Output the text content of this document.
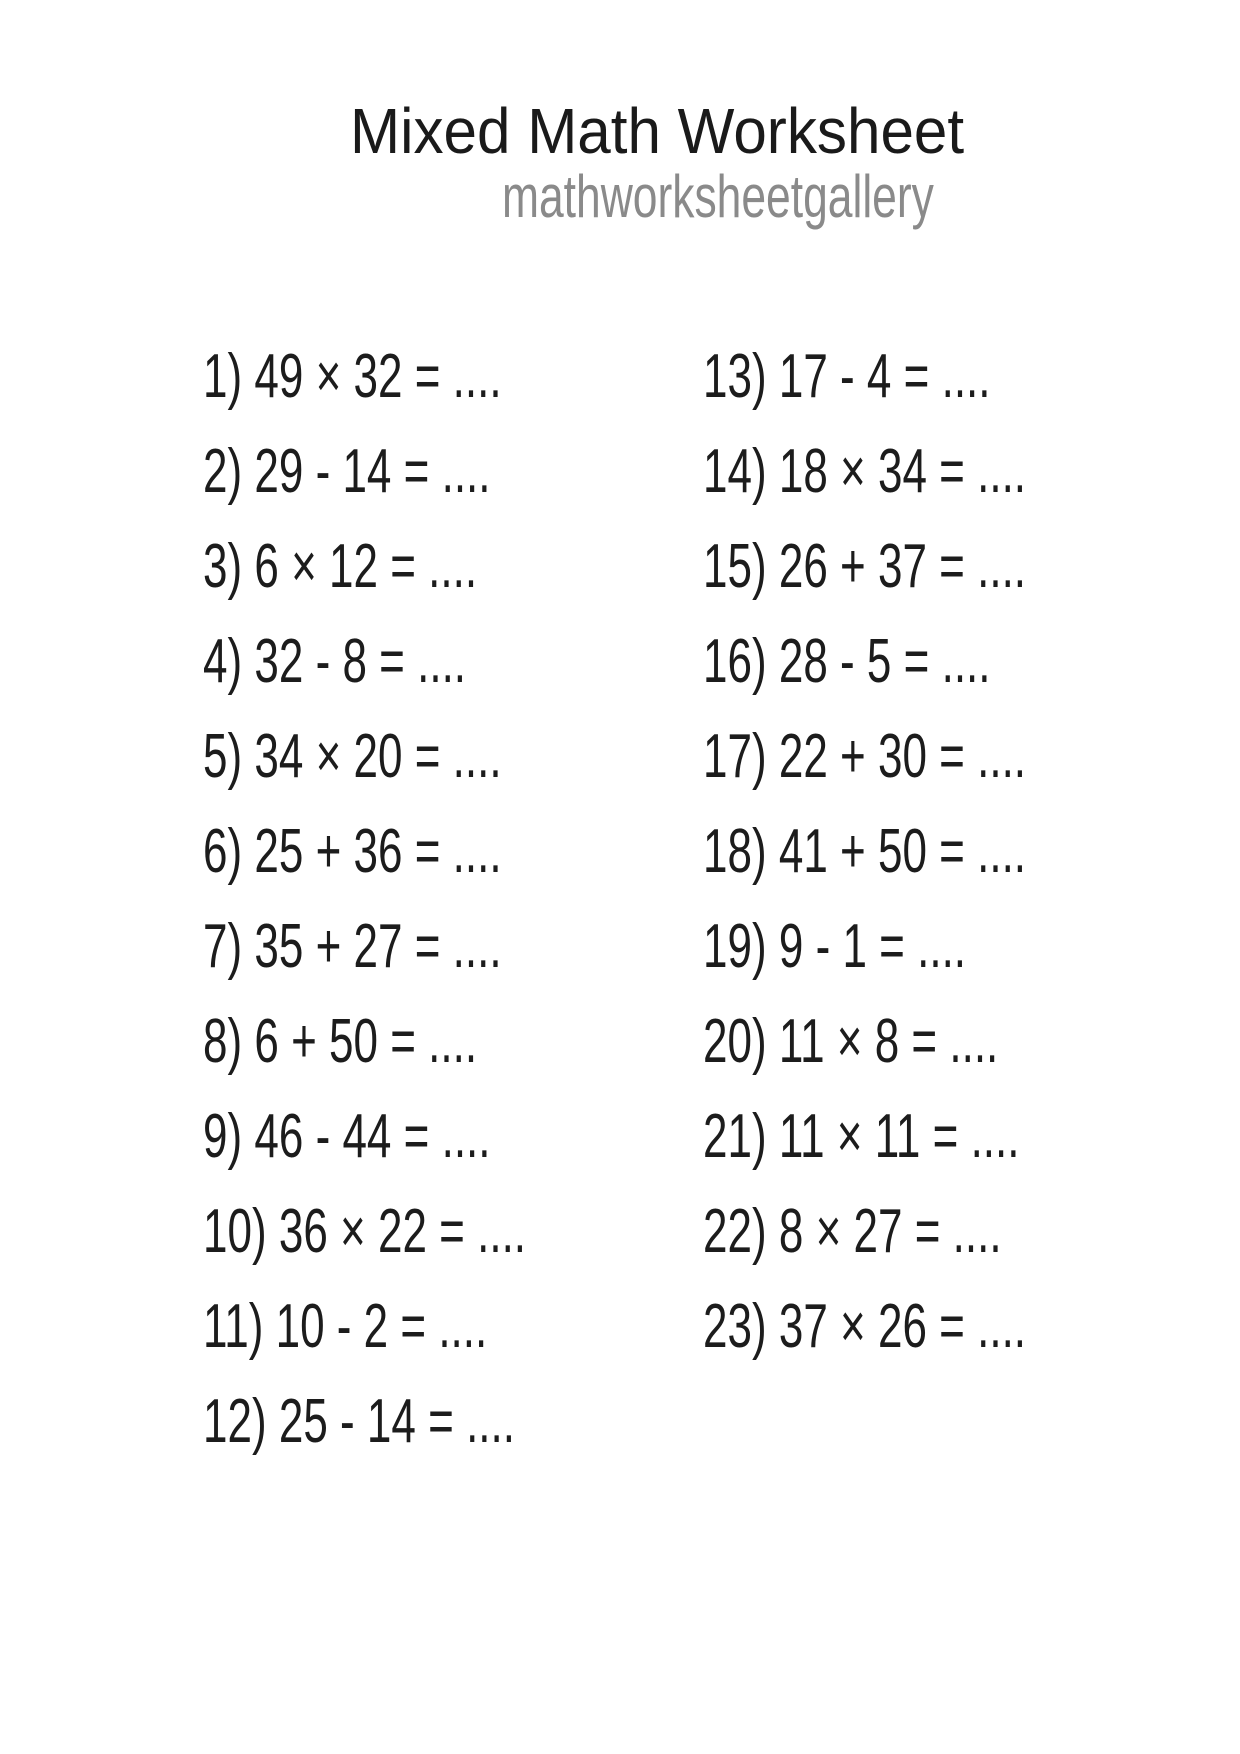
Mixed Math Worksheet
mathworksheetgallery
1) 49 × 32 = ....
2) 29 - 14 = ....
3) 6 × 12 = ....
4) 32 - 8 = ....
5) 34 × 20 = ....
6) 25 + 36 = ....
7) 35 + 27 = ....
8) 6 + 50 = ....
9) 46 - 44 = ....
10) 36 × 22 = ....
11) 10 - 2 = ....
12) 25 - 14 = ....
13) 17 - 4 = ....
14) 18 × 34 = ....
15) 26 + 37 = ....
16) 28 - 5 = ....
17) 22 + 30 = ....
18) 41 + 50 = ....
19) 9 - 1 = ....
20) 11 × 8 = ....
21) 11 × 11 = ....
22) 8 × 27 = ....
23) 37 × 26 = ....
